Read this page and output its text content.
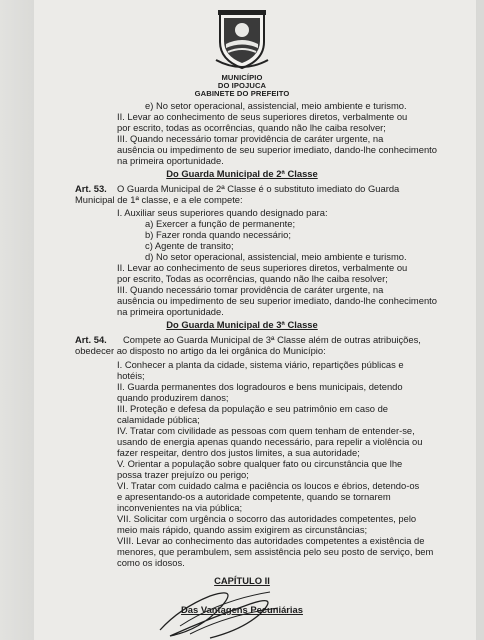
MUNICÍPIO
DO IPOJUCA
GABINETE DO PREFEITO
e) No setor operacional, assistencial, meio ambiente e turismo.
II. Levar ao conhecimento de seus superiores diretos, verbalmente ou
por escrito, todas as ocorrências, quando não lhe caiba resolver;
III. Quando necessário tomar providência de caráter urgente, na
ausência ou impedimento de seu superior imediato, dando-lhe conhecimento
na primeira oportunidade.
Do Guarda Municipal de 2ª Classe
Art. 53. O Guarda Municipal de 2ª Classe é o substituto imediato do Guarda
Municipal de 1ª classe, e a ele compete:
I. Auxiliar seus superiores quando designado para:
a) Exercer a função de permanente;
b) Fazer ronda quando necessário;
c) Agente de transito;
d) No setor operacional, assistencial, meio ambiente e turismo.
II. Levar ao conhecimento de seus superiores diretos, verbalmente ou
por escrito, Todas as ocorrências, quando não lhe caiba resolver;
III. Quando necessário tomar providência de caráter urgente, na
ausência ou impedimento de seu superior imediato, dando-lhe conhecimento
na primeira oportunidade.
Do Guarda Municipal de 3ª Classe
Art. 54. Compete ao Guarda Municipal de 3ª Classe além de outras atribuições,
obedecer ao disposto no artigo da lei orgânica do Município:
I. Conhecer a planta da cidade, sistema viário, repartições públicas e
hotéis;
II. Guarda permanentes dos logradouros e bens municipais, detendo
quando produzirem danos;
III. Proteção e defesa da população e seu patrimônio em caso de
calamidade pública;
IV. Tratar com civilidade as pessoas com quem tenham de entender-se,
usando de energia apenas quando necessário, para repelir a violência ou
fazer respeitar, dentro dos justos limites, a sua autoridade;
V. Orientar a população sobre qualquer fato ou circunstância que lhe
possa trazer prejuízo ou perigo;
VI. Tratar com cuidado calma e paciência os loucos e ébrios, detendo-os
e apresentando-os a autoridade competente, quando se tornarem
inconvenientes na via pública;
VII. Solicitar com urgência o socorro das autoridades competentes, pelo
meio mais rápido, quando assim exigirem as circunstâncias;
VIII. Levar ao conhecimento das autoridades competentes a existência de
menores, que perambulem, sem assistência pelo seu posto de serviço, bem
como os idosos.
CAPÍTULO II
Das Vantagens Pecuniárias
